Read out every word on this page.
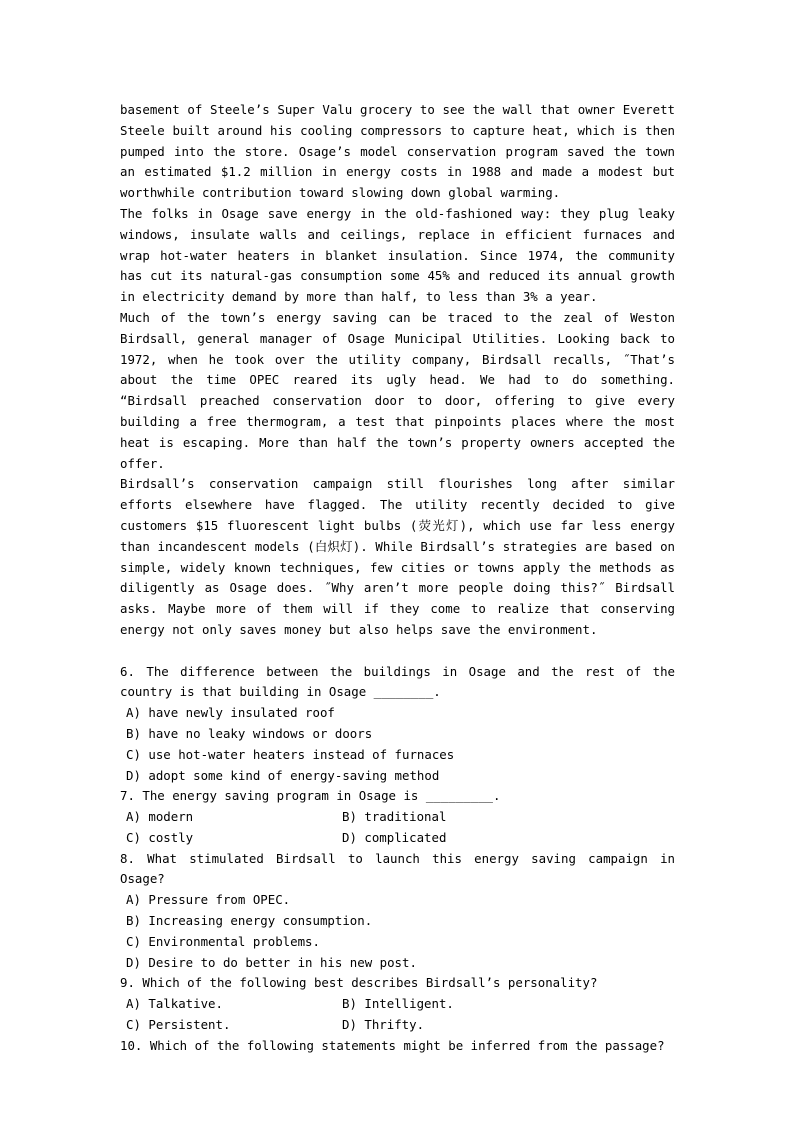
basement of Steele’s Super Valu grocery to see the wall that owner Everett Steele built around his cooling compressors to capture heat, which is then pumped into the store. Osage’s model conservation program saved the town an estimated $1.2 million in energy costs in 1988 and made a modest but worthwhile contribution toward slowing down global warming.

The folks in Osage save energy in the old-fashioned way: they plug leaky windows, insulate walls and ceilings, replace in efficient furnaces and wrap hot-water heaters in blanket insulation. Since 1974, the community has cut its natural-gas consumption some 45% and reduced its annual growth in electricity demand by more than half, to less than 3% a year.

Much of the town’s energy saving can be traced to the zeal of Weston Birdsall, general manager of Osage Municipal Utilities. Looking back to 1972, when he took over the utility company, Birdsall recalls, ˝That’s about the time OPEC reared its ugly head. We had to do something. “Birdsall preached conservation door to door, offering to give every building a free thermogram, a test that pinpoints places where the most heat is escaping. More than half the town’s property owners accepted the offer.

Birdsall’s conservation campaign still flourishes long after similar efforts elsewhere have flagged. The utility recently decided to give customers $15 fluorescent light bulbs (荧光灯), which use far less energy than incandescent models (白炽灯). While Birdsall’s strategies are based on simple, widely known techniques, few cities or towns apply the methods as diligently as Osage does. ˝Why aren’t more people doing this?˝ Birdsall asks. Maybe more of them will if they come to realize that conserving energy not only saves money but also helps save the environment.

6. The difference between the buildings in Osage and the rest of the country is that building in Osage ________.

A) have newly insulated roof

B) have no leaky windows or doors

C) use hot-water heaters instead of furnaces

D) adopt some kind of energy-saving method

7. The energy saving program in Osage is _________.

A) modern	B) traditional
C) costly	D) complicated

8. What stimulated Birdsall to launch this energy saving campaign in Osage?

A) Pressure from OPEC.

B) Increasing energy consumption.

C) Environmental problems.

D) Desire to do better in his new post.

9. Which of the following best describes Birdsall’s personality?

A) Talkative.	B) Intelligent.
C) Persistent.	D) Thrifty.

10. Which of the following statements might be inferred from the passage?
